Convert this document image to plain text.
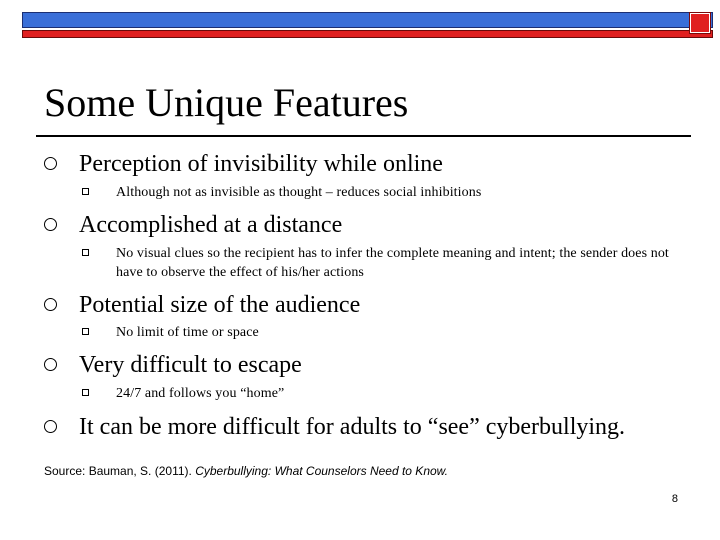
Some Unique Features
Perception of invisibility while online
Although not as invisible as thought – reduces social inhibitions
Accomplished at a distance
No visual clues so the recipient has to infer the complete meaning and intent; the sender does not have to observe the effect of his/her actions
Potential size of the audience
No limit of time or space
Very difficult to escape
24/7 and follows you “home”
It can be more difficult for adults to “see” cyberbullying.
Source: Bauman, S. (2011). Cyberbullying: What Counselors Need to Know.
8
